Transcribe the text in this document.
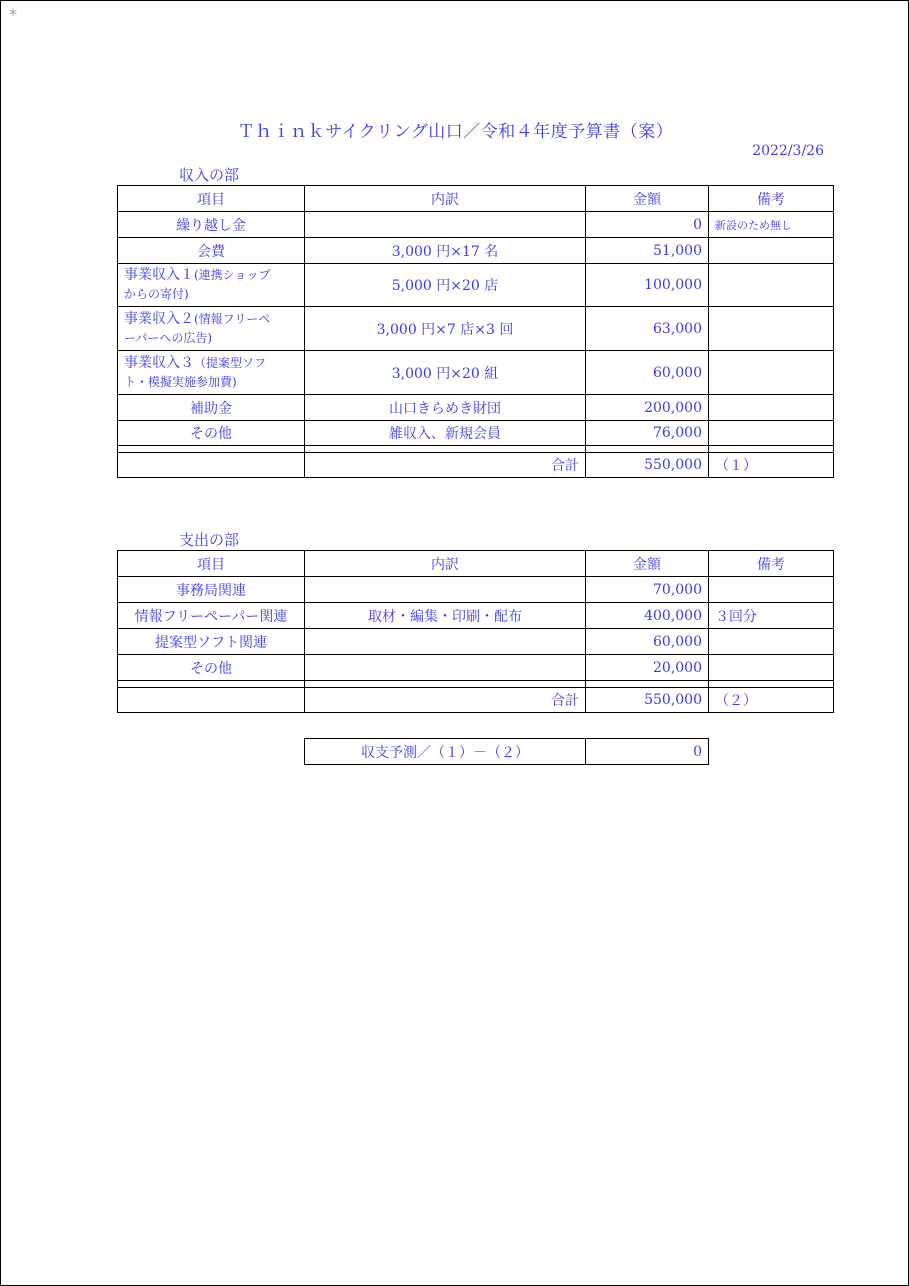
*
Ｔｈｉｎｋサイクリング山口／令和４年度予算書（案）
2022/3/26
収入の部
項目	内訳	金額	備考
繰り越し金		0	新設のため無し
会費	3,000 円×17 名	51,000	
事業収入１(連携ショップ
からの寄付)	5,000 円×20 店	100,000	
事業収入２(情報フリーペ
ーパーへの広告)	3,000 円×7 店×3 回	63,000	
事業収入３（提案型ソフ
ト・模擬実施参加費)	3,000 円×20 組	60,000	
補助金	山口きらめき財団	200,000	
その他	雑収入、新規会員	76,000	

	合計	550,000	（１）
支出の部
項目	内訳	金額	備考
事務局関連		70,000	
情報フリーペーパー関連	取材・編集・印刷・配布	400,000	３回分
提案型ソフト関連		60,000	
その他		20,000	

	合計	550,000	（２）
収支予測／（１）－（２）	0
